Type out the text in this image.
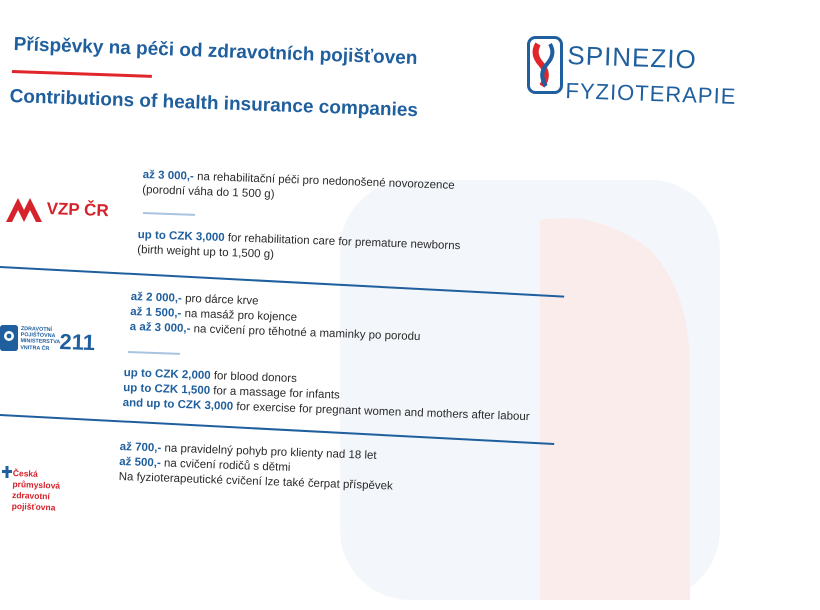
Příspěvky na péči od zdravotních pojišťoven
Contributions of health insurance companies
SPINEZIO
FYZIOTERAPIE
VZP ČR
až 3 000,- na rehabilitační péči pro nedonošené novorozence
(porodní váha do 1 500 g)
up to CZK 3,000 for rehabilitation care for premature newborns
(birth weight up to 1,500 g)
ZDRAVOTNÍ POJIŠŤOVNA MINISTERSTVA VNITRA ČR 211
až 2 000,- pro dárce krve
až 1 500,- na masáž pro kojence
a až 3 000,- na cvičení pro těhotné a maminky po porodu
up to CZK 2,000 for blood donors
up to CZK 1,500 for a massage for infants
and up to CZK 3,000 for exercise for pregnant women and mothers after labour
Česká průmyslová zdravotní pojišťovna
až 700,- na pravidelný pohyb pro klienty nad 18 let
až 500,- na cvičení rodičů s dětmi
Na fyzioterapeutické cvičení lze také čerpat příspěvek
